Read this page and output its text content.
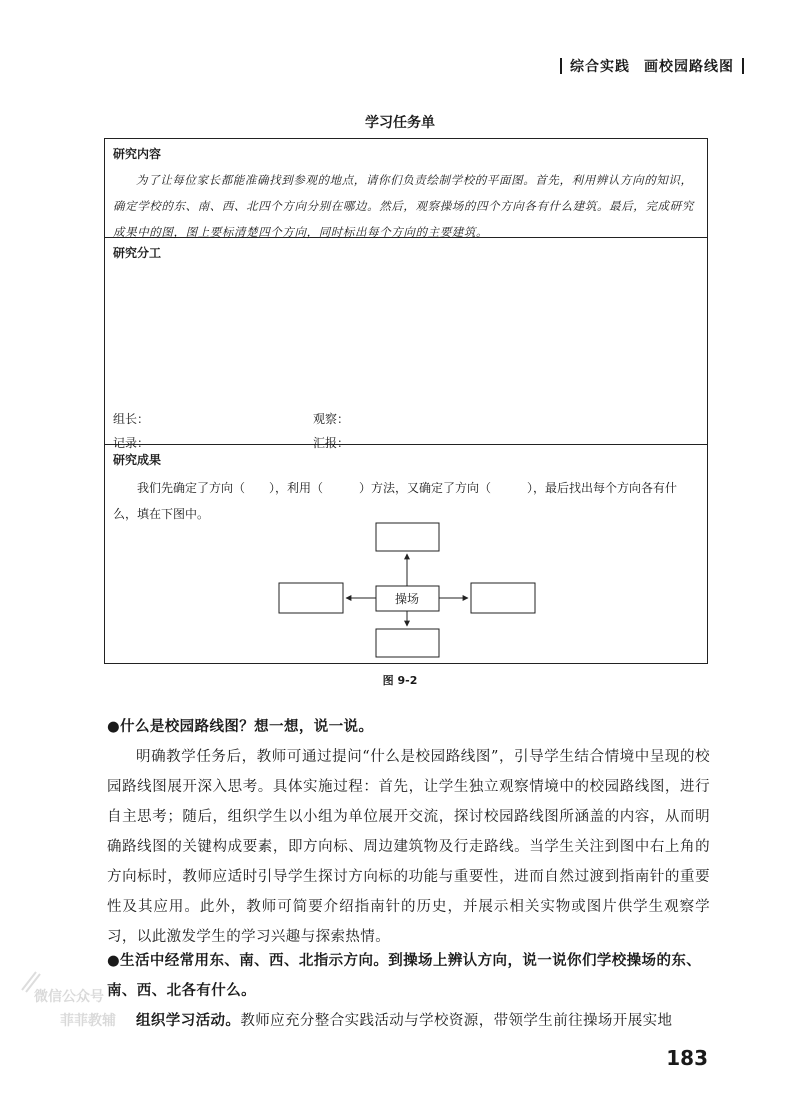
综合实践 画校园路线图
学习任务单
研究内容
为了让每位家长都能准确找到参观的地点，请你们负责绘制学校的平面图。首先，利用辨认方向的知识，确定学校的东、南、西、北四个方向分别在哪边。然后，观察操场的四个方向各有什么建筑。最后，完成研究成果中的图，图上要标清楚四个方向，同时标出每个方向的主要建筑。
研究分工
组长：	观察：
记录：	汇报：
研究成果
我们先确定了方向（　　），利用（　　　）方法，又确定了方向（　　　），最后找出每个方向各有什么，填在下图中。
操场
图 9-2
●什么是校园路线图？想一想，说一说。
明确教学任务后，教师可通过提问“什么是校园路线图”，引导学生结合情境中呈现的校园路线图展开深入思考。具体实施过程：首先，让学生独立观察情境中的校园路线图，进行自主思考；随后，组织学生以小组为单位展开交流，探讨校园路线图所涵盖的内容，从而明确路线图的关键构成要素，即方向标、周边建筑物及行走路线。当学生关注到图中右上角的方向标时，教师应适时引导学生探讨方向标的功能与重要性，进而自然过渡到指南针的重要性及其应用。此外，教师可简要介绍指南针的历史，并展示相关实物或图片供学生观察学习，以此激发学生的学习兴趣与探索热情。
●生活中经常用东、南、西、北指示方向。到操场上辨认方向，说一说你们学校操场的东、南、西、北各有什么。
组织学习活动。教师应充分整合实践活动与学校资源，带领学生前往操场开展实地
微信公众号
菲菲教辅
183
